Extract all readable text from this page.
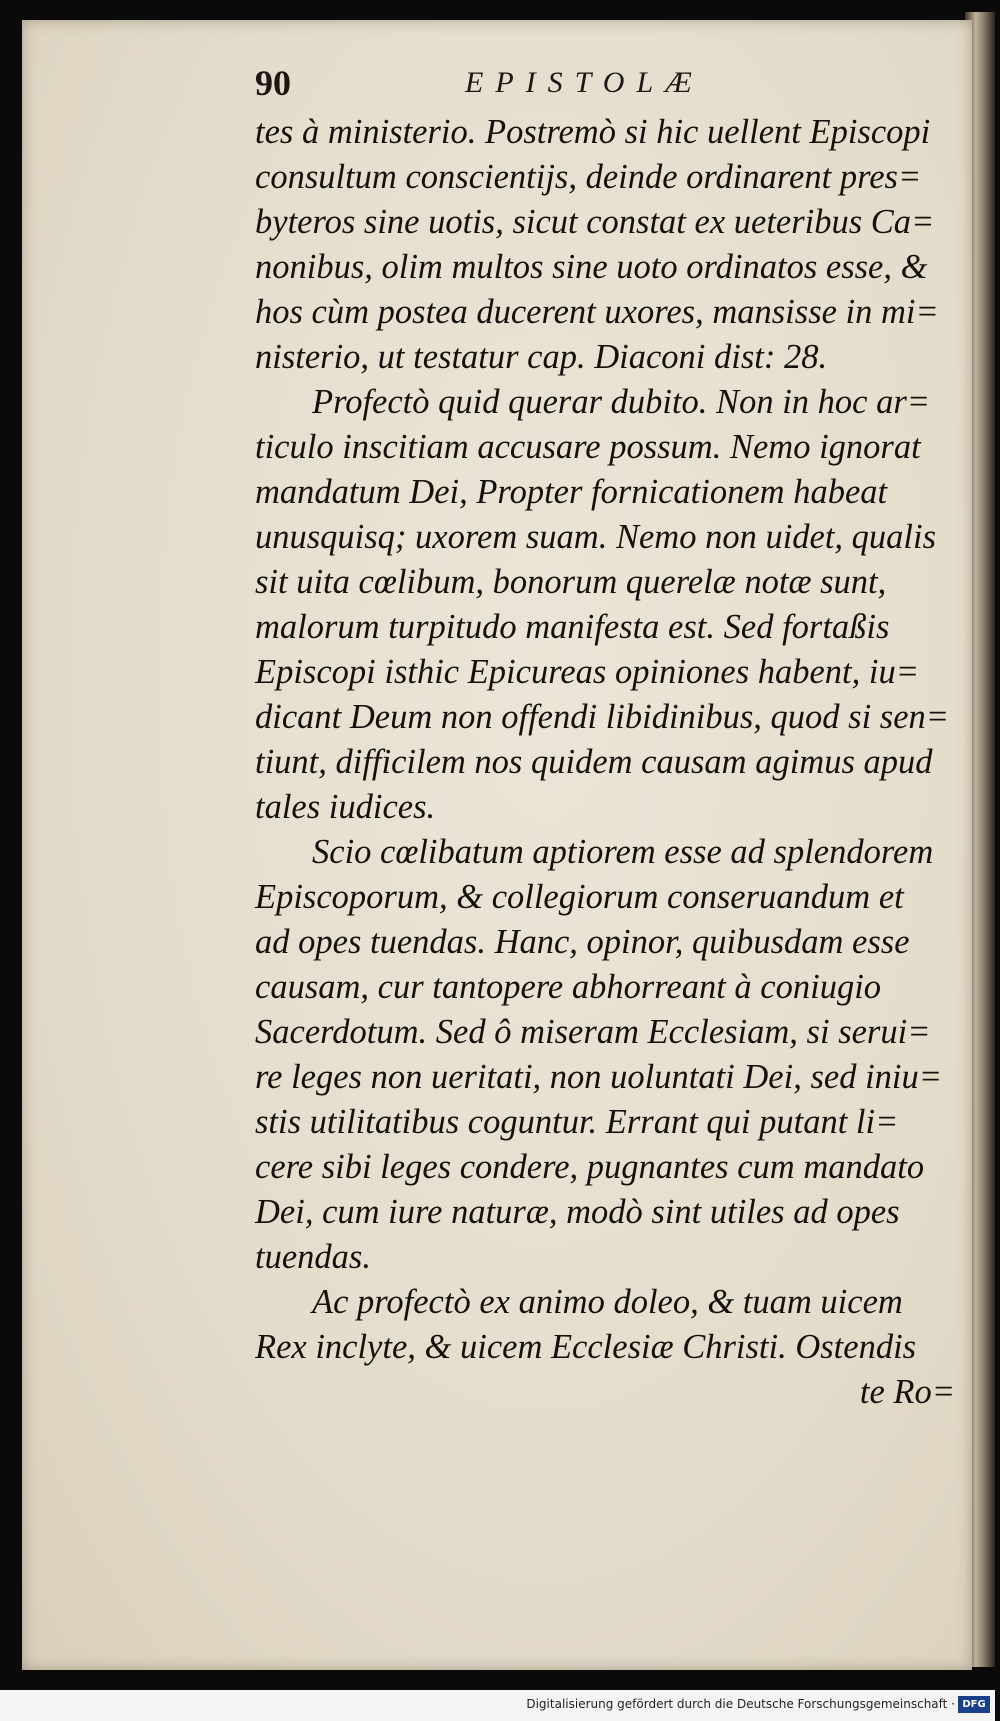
90	EPISTOLÆ
tes à ministerio. Postremò si hic uellent Episcopi
consultum conscientijs, deinde ordinarent pres=
byteros sine uotis, sicut constat ex ueteribus Ca=
nonibus, olim multos sine uoto ordinatos esse, &
hos cùm postea ducerent uxores, mansisse in mi=
nisterio, ut testatur cap. Diaconi dist: 28.
Profectò quid querar dubito. Non in hoc ar=
ticulo inscitiam accusare possum. Nemo ignorat
mandatum Dei, Propter fornicationem habeat
unusquisq; uxorem suam. Nemo non uidet, qualis
sit uita cœlibum, bonorum querelæ notæ sunt,
malorum turpitudo manifesta est. Sed fortaßis
Episcopi isthic Epicureas opiniones habent, iu=
dicant Deum non offendi libidinibus, quod si sen=
tiunt, difficilem nos quidem causam agimus apud
tales iudices.
Scio cœlibatum aptiorem esse ad splendorem
Episcoporum, & collegiorum conseruandum et
ad opes tuendas. Hanc, opinor, quibusdam esse
causam, cur tantopere abhorreant à coniugio
Sacerdotum. Sed ô miseram Ecclesiam, si serui=
re leges non ueritati, non uoluntati Dei, sed iniu=
stis utilitatibus coguntur. Errant qui putant li=
cere sibi leges condere, pugnantes cum mandato
Dei, cum iure naturæ, modò sint utiles ad opes
tuendas.
Ac profectò ex animo doleo, & tuam uicem
Rex inclyte, & uicem Ecclesiæ Christi. Ostendis
te Ro=
Digitalisierung gefördert durch die Deutsche Forschungsgemeinschaft · DFG
